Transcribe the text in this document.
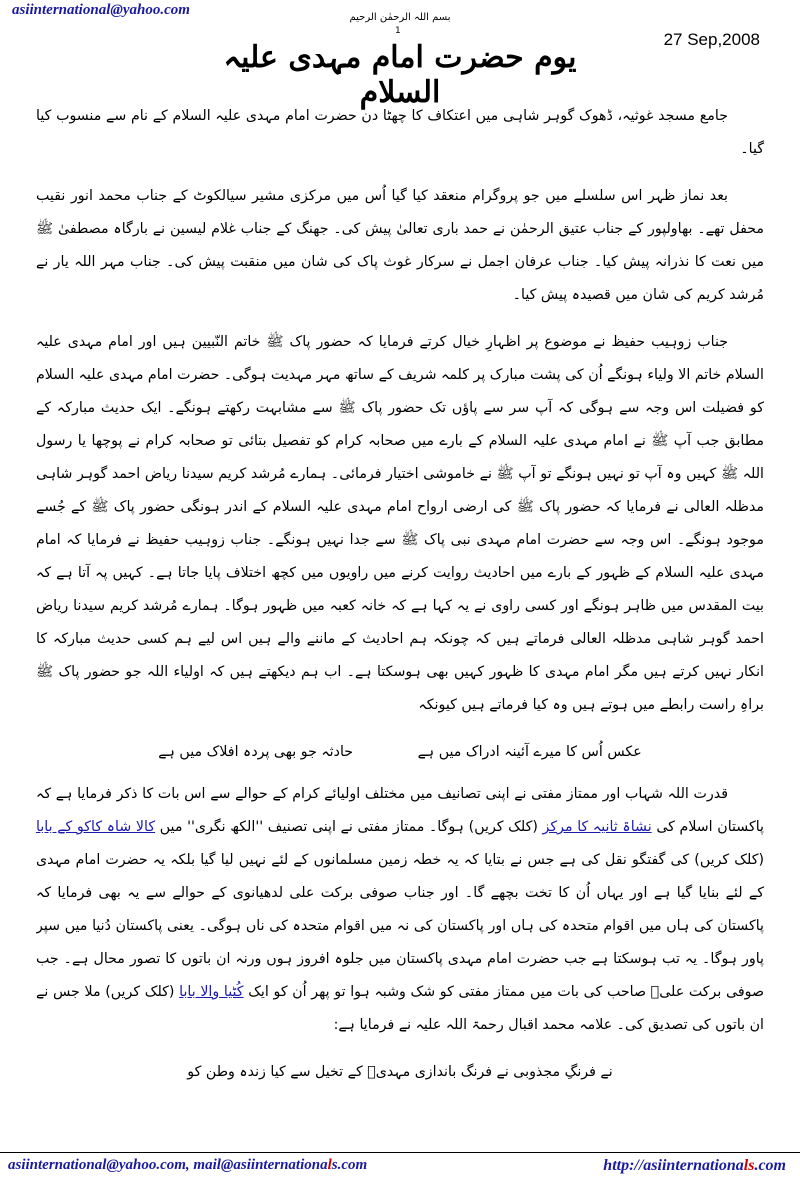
asiinternational@yahoo.com	بسم اللہ الرحمٰن الرحیم
1	27 Sep,2008
یوم حضرت امام مہدی علیہ السلام

جامع مسجد غوثیہ، ڈھوک گوہر شاہی میں اعتکاف کا چھٹا دن حضرت امام مہدی علیہ السلام کے نام سے منسوب کیا گیا۔

بعد نماز ظہر اس سلسلے میں جو پروگرام منعقد کیا گیا اُس میں مرکزی مشیر سیالکوٹ کے جناب محمد انور نقیب محفل تھے۔ بھاولپور کے جناب عتیق الرحمٰن نے حمد باری تعالیٰ پیش کی۔ جھنگ کے جناب غلام لیسین نے بارگاہ مصطفیٰ ﷺ میں نعت کا نذرانہ پیش کیا۔ جناب عرفان اجمل نے سرکار غوث پاک کی شان میں منقبت پیش کی۔ جناب مہر اللہ یار نے مُرشد کریم کی شان میں قصیدہ پیش کیا۔

جناب زوہیب حفیظ نے موضوع پر اظہارِ خیال کرتے فرمایا کہ حضور پاک ﷺ خاتم النّبیین ہیں اور امام مہدی علیہ السلام خاتم الا ولیاء ہونگے اُن کی پشت مبارک پر کلمہ شریف کے ساتھ مہر مہدیت ہوگی۔ حضرت امام مہدی علیہ السلام کو فضیلت اس وجہ سے ہوگی کہ آپ سر سے پاؤں تک حضور پاک ﷺ سے مشابہت رکھتے ہونگے۔ ایک حدیث مبارکہ کے مطابق جب آپ ﷺ نے امام مہدی علیہ السلام کے بارے میں صحابہ کرام کو تفصیل بتائی تو صحابہ کرام نے پوچھا یا رسول اللہ ﷺ کہیں وہ آپ تو نہیں ہونگے تو آپ ﷺ نے خاموشی اختیار فرمائی۔ ہمارے مُرشد کریم سیدنا ریاض احمد گوہر شاہی مدظلہ العالی نے فرمایا کہ حضور پاک ﷺ کی ارضی ارواح امام مہدی علیہ السلام کے اندر ہونگی حضور پاک ﷺ کے جُسے موجود ہونگے۔ اس وجہ سے حضرت امام مہدی نبی پاک ﷺ سے جدا نہیں ہونگے۔ جناب زوہیب حفیظ نے فرمایا کہ امام مہدی علیہ السلام کے ظہور کے بارے میں احادیث روایت کرنے میں راویوں میں کچھ اختلاف پایا جاتا ہے۔ کہیں پہ آتا ہے کہ بیت المقدس میں ظاہر ہونگے اور کسی راوی نے یہ کہا ہے کہ خانہ کعبہ میں ظہور ہوگا۔ ہمارے مُرشد کریم سیدنا ریاض احمد گوہر شاہی مدظلہ العالی فرماتے ہیں کہ چونکہ ہم احادیث کے ماننے والے ہیں اس لیے ہم کسی حدیث مبارکہ کا انکار نہیں کرتے ہیں مگر امام مہدی کا ظہور کہیں بھی ہوسکتا ہے۔ اب ہم دیکھتے ہیں کہ اولیاء اللہ جو حضور پاک ﷺ براہِ راست رابطے میں ہوتے ہیں وہ کیا فرماتے ہیں کیونکہ

عکس اُس کا میرے آئینہ ادراک میں ہے حادثہ جو بھی پردہ افلاک میں ہے

قدرت اللہ شہاب اور ممتاز مفتی نے اپنی تصانیف میں مختلف اولیائے کرام کے حوالے سے اس بات کا ذکر فرمایا ہے کہ پاکستان اسلام کی نشاۃ ثانیہ کا مرکز (کلک کریں) ہوگا۔ ممتاز مفتی نے اپنی تصنیف ''الکھ نگری'' میں کالا شاہ کاکو کے بابا (کلک کریں) کی گفتگو نقل کی ہے جس نے بتایا کہ یہ خطہ زمین مسلمانوں کے لئے نہیں لیا گیا بلکہ یہ حضرت امام مہدی کے لئے بنایا گیا ہے اور یہاں اُن کا تخت بچھے گا۔ اور جناب صوفی برکت علی لدھیانوی کے حوالے سے یہ بھی فرمایا کہ پاکستان کی ہاں میں اقوام متحدہ کی ہاں اور پاکستان کی نہ میں اقوام متحدہ کی ناں ہوگی۔ یعنی پاکستان دُنیا میں سپر پاور ہوگا۔ یہ تب ہوسکتا ہے جب حضرت امام مہدی پاکستان میں جلوہ افروز ہوں ورنہ ان باتوں کا تصور محال ہے۔ جب صوفی برکت علیؒ صاحب کی بات میں ممتاز مفتی کو شک وشبہ ہوا تو پھر اُن کو ایک کُٹیا والا بابا (کلک کریں) ملا جس نے ان باتوں کی تصدیق کی۔ علامہ محمد اقبال رحمۃ اللہ علیہ نے فرمایا ہے:

نے فرنگِ مجذوبی نے فرنگ باندازی مہدیؑ کے تخیل سے کیا زندہ وطن کو

asiinternational@yahoo.com, mail@asiinternationals.com	http://asiinternationals.com
